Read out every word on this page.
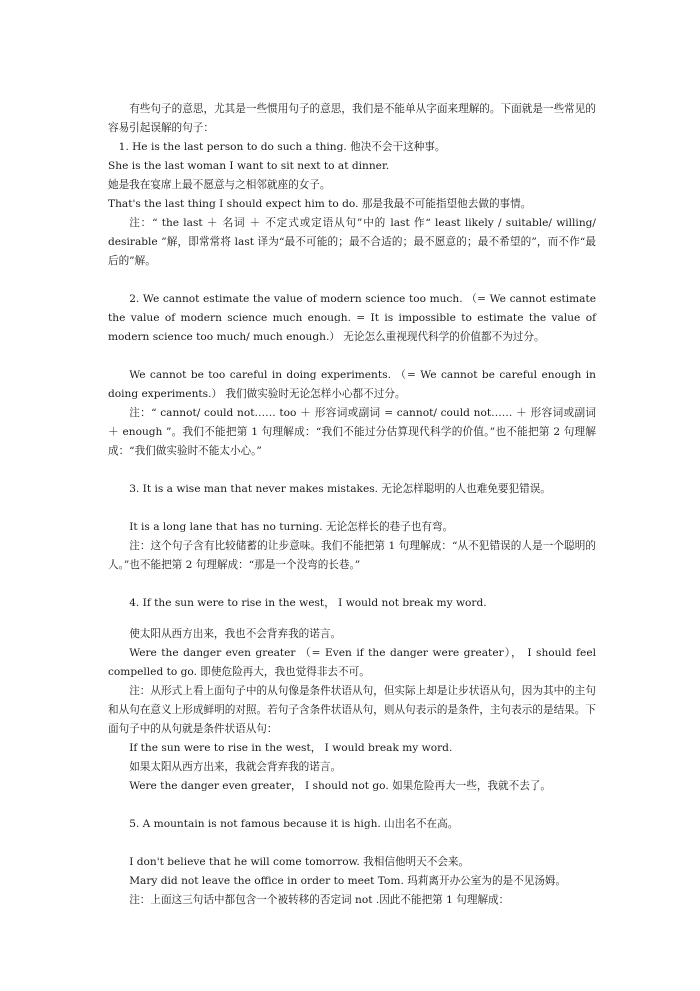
有些句子的意思，尤其是一些惯用句子的意思，我们是不能单从字面来理解的。下面就是一些常见的容易引起误解的句子：

1. He is the last person to do such a thing. 他决不会干这种事。

She is the last woman I want to sit next to at dinner.

她是我在宴席上最不愿意与之相邻就座的女子。

That's the last thing I should expect him to do. 那是我最不可能指望他去做的事情。

注：“ the last ＋ 名词 ＋ 不定式或定语从句”中的 last 作“ least likely / suitable/ willing/ desirable ”解，即常常将 last 译为“最不可能的；最不合适的；最不愿意的；最不希望的”，而不作“最后的”解。

2. We cannot estimate the value of modern science too much. （= We cannot estimate the value of modern science much enough. = It is impossible to estimate the value of modern science too much/ much enough.） 无论怎么重视现代科学的价值都不为过分。

We cannot be too careful in doing experiments. （= We cannot be careful enough in doing experiments.） 我们做实验时无论怎样小心都不过分。

注：“ cannot/ could not…… too ＋ 形容词或副词 = cannot/ could not…… ＋ 形容词或副词 ＋ enough ”。我们不能把第 1 句理解成：“我们不能过分估算现代科学的价值。”也不能把第 2 句理解成：“我们做实验时不能太小心。”

3. It is a wise man that never makes mistakes. 无论怎样聪明的人也难免要犯错误。

It is a long lane that has no turning. 无论怎样长的巷子也有弯。

注：这个句子含有比较储蓄的让步意味。我们不能把第 1 句理解成：“从不犯错误的人是一个聪明的人。”也不能把第 2 句理解成：“那是一个没弯的长巷。”

4. If the sun were to rise in the west， I would not break my word.

使太阳从西方出来，我也不会背弃我的诺言。

Were the danger even greater （= Even if the danger were greater）， I should feel compelled to go. 即使危险再大，我也觉得非去不可。

注：从形式上看上面句子中的从句像是条件状语从句，但实际上却是让步状语从句，因为其中的主句和从句在意义上形成鲜明的对照。若句子含条件状语从句，则从句表示的是条件，主句表示的是结果。下面句子中的从句就是条件状语从句：

If the sun were to rise in the west， I would break my word.

如果太阳从西方出来，我就会背弃我的诺言。

Were the danger even greater， I should not go. 如果危险再大一些，我就不去了。

5. A mountain is not famous because it is high. 山出名不在高。

I don't believe that he will come tomorrow. 我相信他明天不会来。

Mary did not leave the office in order to meet Tom. 玛莉离开办公室为的是不见汤姆。

注：上面这三句话中都包含一个被转移的否定词 not .因此不能把第 1 句理解成：
